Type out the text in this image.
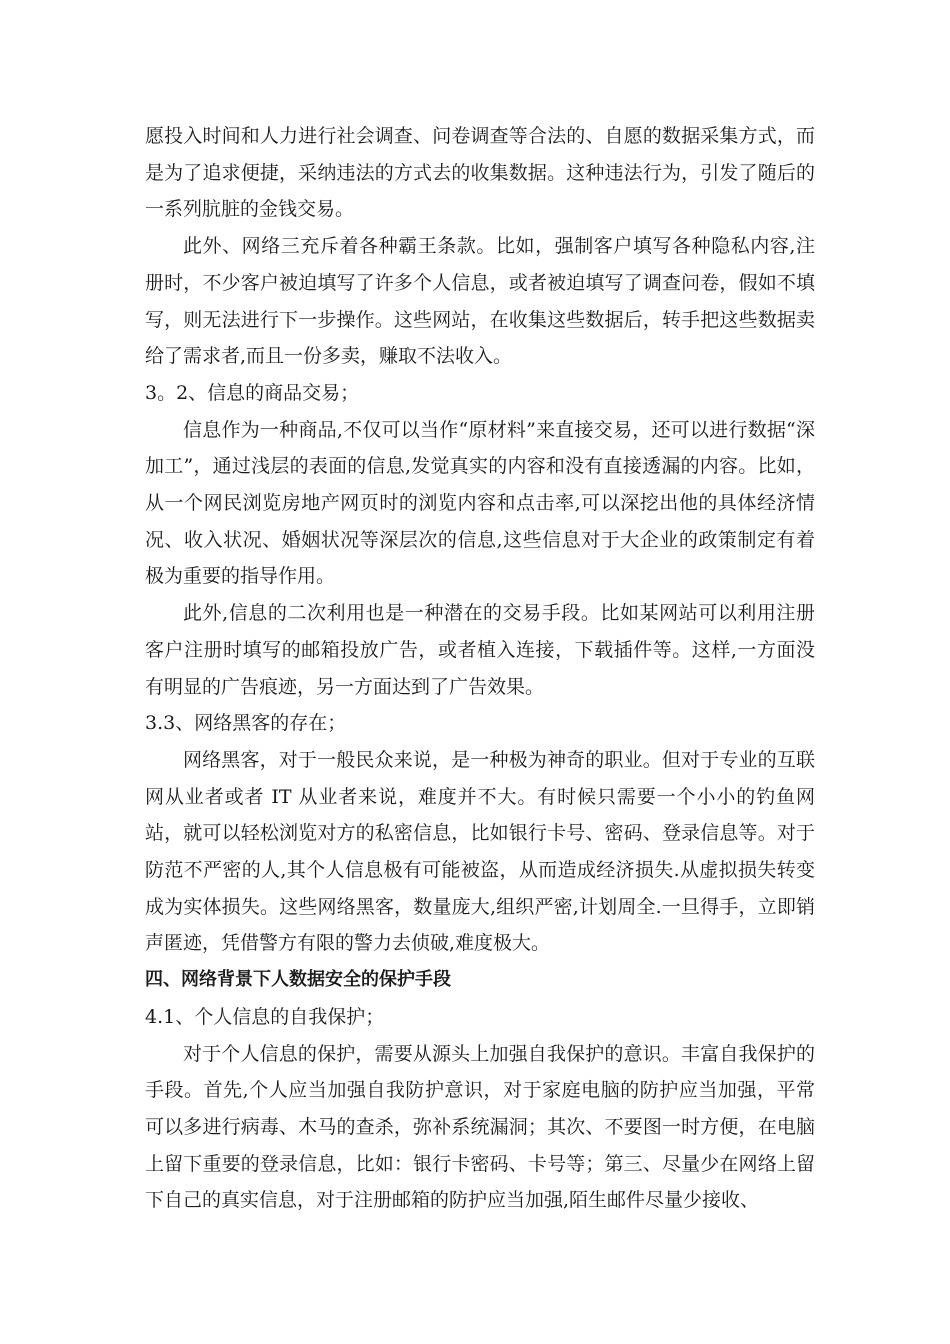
愿投入时间和人力进行社会调查、问卷调查等合法的、自愿的数据采集方式，而是为了追求便捷，采纳违法的方式去的收集数据。这种违法行为，引发了随后的一系列肮脏的金钱交易。

此外、网络三充斥着各种霸王条款。比如，强制客户填写各种隐私内容,注册时，不少客户被迫填写了许多个人信息，或者被迫填写了调查问卷，假如不填写，则无法进行下一步操作。这些网站，在收集这些数据后，转手把这些数据卖给了需求者,而且一份多卖，赚取不法收入。

3。2、信息的商品交易；

信息作为一种商品,不仅可以当作“原材料”来直接交易，还可以进行数据“深加工”，通过浅层的表面的信息,发觉真实的内容和没有直接透漏的内容。比如，从一个网民浏览房地产网页时的浏览内容和点击率,可以深挖出他的具体经济情况、收入状况、婚姻状况等深层次的信息,这些信息对于大企业的政策制定有着极为重要的指导作用。

此外,信息的二次利用也是一种潜在的交易手段。比如某网站可以利用注册客户注册时填写的邮箱投放广告，或者植入连接，下载插件等。这样,一方面没有明显的广告痕迹，另一方面达到了广告效果。

3.3、网络黑客的存在；

网络黑客，对于一般民众来说，是一种极为神奇的职业。但对于专业的互联网从业者或者 IT 从业者来说，难度并不大。有时候只需要一个小小的钓鱼网站，就可以轻松浏览对方的私密信息，比如银行卡号、密码、登录信息等。对于防范不严密的人,其个人信息极有可能被盗，从而造成经济损失.从虚拟损失转变成为实体损失。这些网络黑客，数量庞大,组织严密,计划周全.一旦得手，立即销声匿迹，凭借警方有限的警力去侦破,难度极大。

四、网络背景下人数据安全的保护手段

4.1、个人信息的自我保护；

对于个人信息的保护，需要从源头上加强自我保护的意识。丰富自我保护的手段。首先,个人应当加强自我防护意识，对于家庭电脑的防护应当加强，平常可以多进行病毒、木马的查杀，弥补系统漏洞；其次、不要图一时方便，在电脑上留下重要的登录信息，比如：银行卡密码、卡号等；第三、尽量少在网络上留下自己的真实信息，对于注册邮箱的防护应当加强,陌生邮件尽量少接收、
